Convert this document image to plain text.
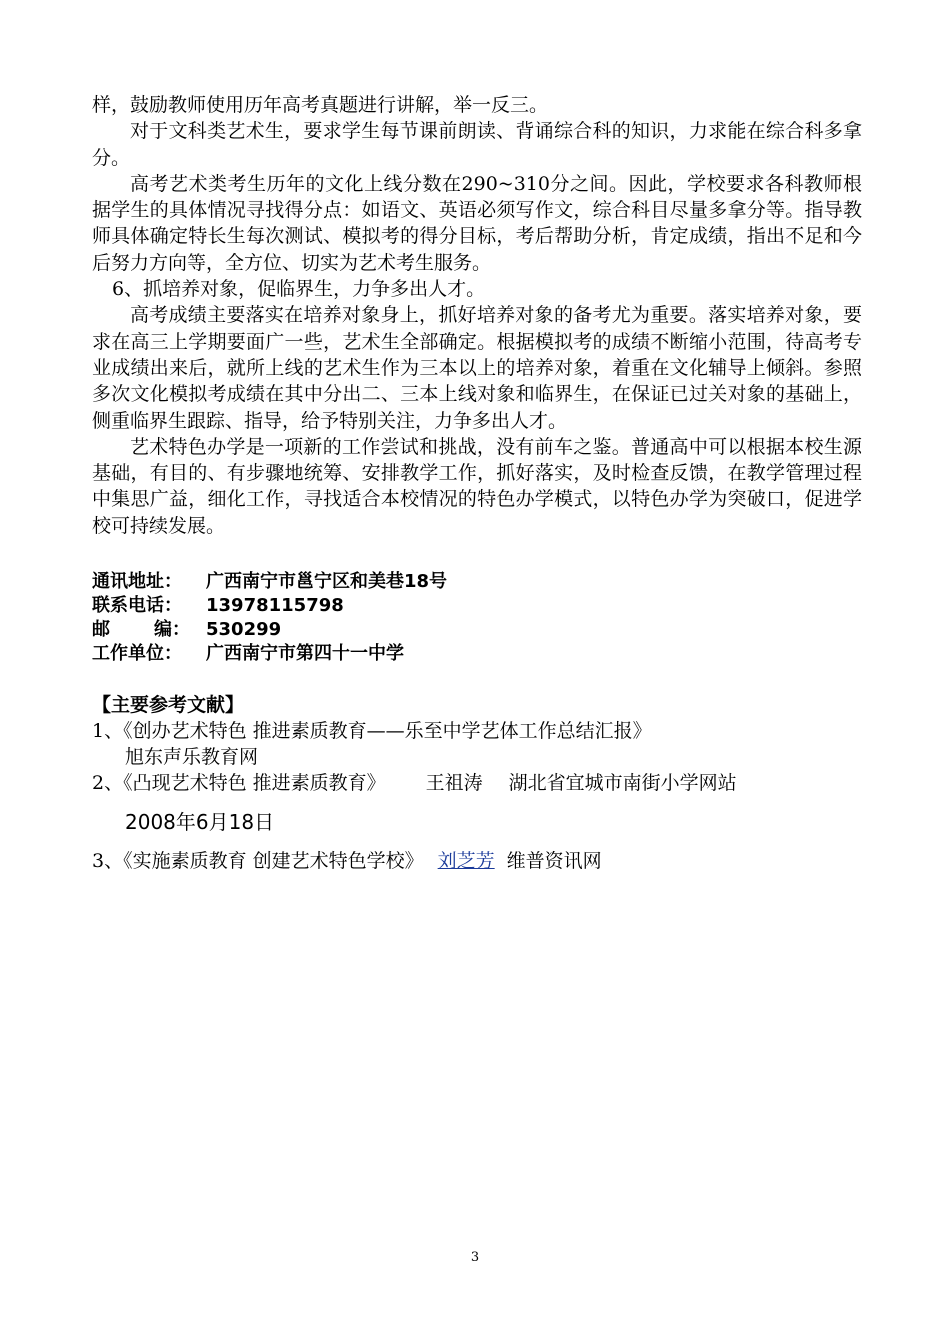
样，鼓励教师使用历年高考真题进行讲解，举一反三。

对于文科类艺术生，要求学生每节课前朗读、背诵综合科的知识，力求能在综合科多拿分。

高考艺术类考生历年的文化上线分数在290~310分之间。因此，学校要求各科教师根据学生的具体情况寻找得分点：如语文、英语必须写作文，综合科目尽量多拿分等。指导教师具体确定特长生每次测试、模拟考的得分目标，考后帮助分析，肯定成绩，指出不足和今后努力方向等，全方位、切实为艺术考生服务。

6、抓培养对象，促临界生，力争多出人才。

高考成绩主要落实在培养对象身上，抓好培养对象的备考尤为重要。落实培养对象，要求在高三上学期要面广一些，艺术生全部确定。根据模拟考的成绩不断缩小范围，待高考专业成绩出来后，就所上线的艺术生作为三本以上的培养对象，着重在文化辅导上倾斜。参照多次文化模拟考成绩在其中分出二、三本上线对象和临界生，在保证已过关对象的基础上，侧重临界生跟踪、指导，给予特别关注，力争多出人才。

艺术特色办学是一项新的工作尝试和挑战，没有前车之鉴。普通高中可以根据本校生源基础，有目的、有步骤地统筹、安排教学工作，抓好落实，及时检查反馈，在教学管理过程中集思广益，细化工作，寻找适合本校情况的特色办学模式，以特色办学为突破口，促进学校可持续发展。

通讯地址：	广西南宁市邕宁区和美巷18号
联系电话：	13978115798
邮 编： 530299
工作单位：	广西南宁市第四十一中学
【主要参考文献】
1、《创办艺术特色 推进素质教育——乐至中学艺体工作总结汇报》
旭东声乐教育网
2、《凸现艺术特色 推进素质教育》 王祖涛 湖北省宜城市南街小学网站
2008年6月18日
3、《实施素质教育 创建艺术特色学校》 刘芝芳 维普资讯网
3
